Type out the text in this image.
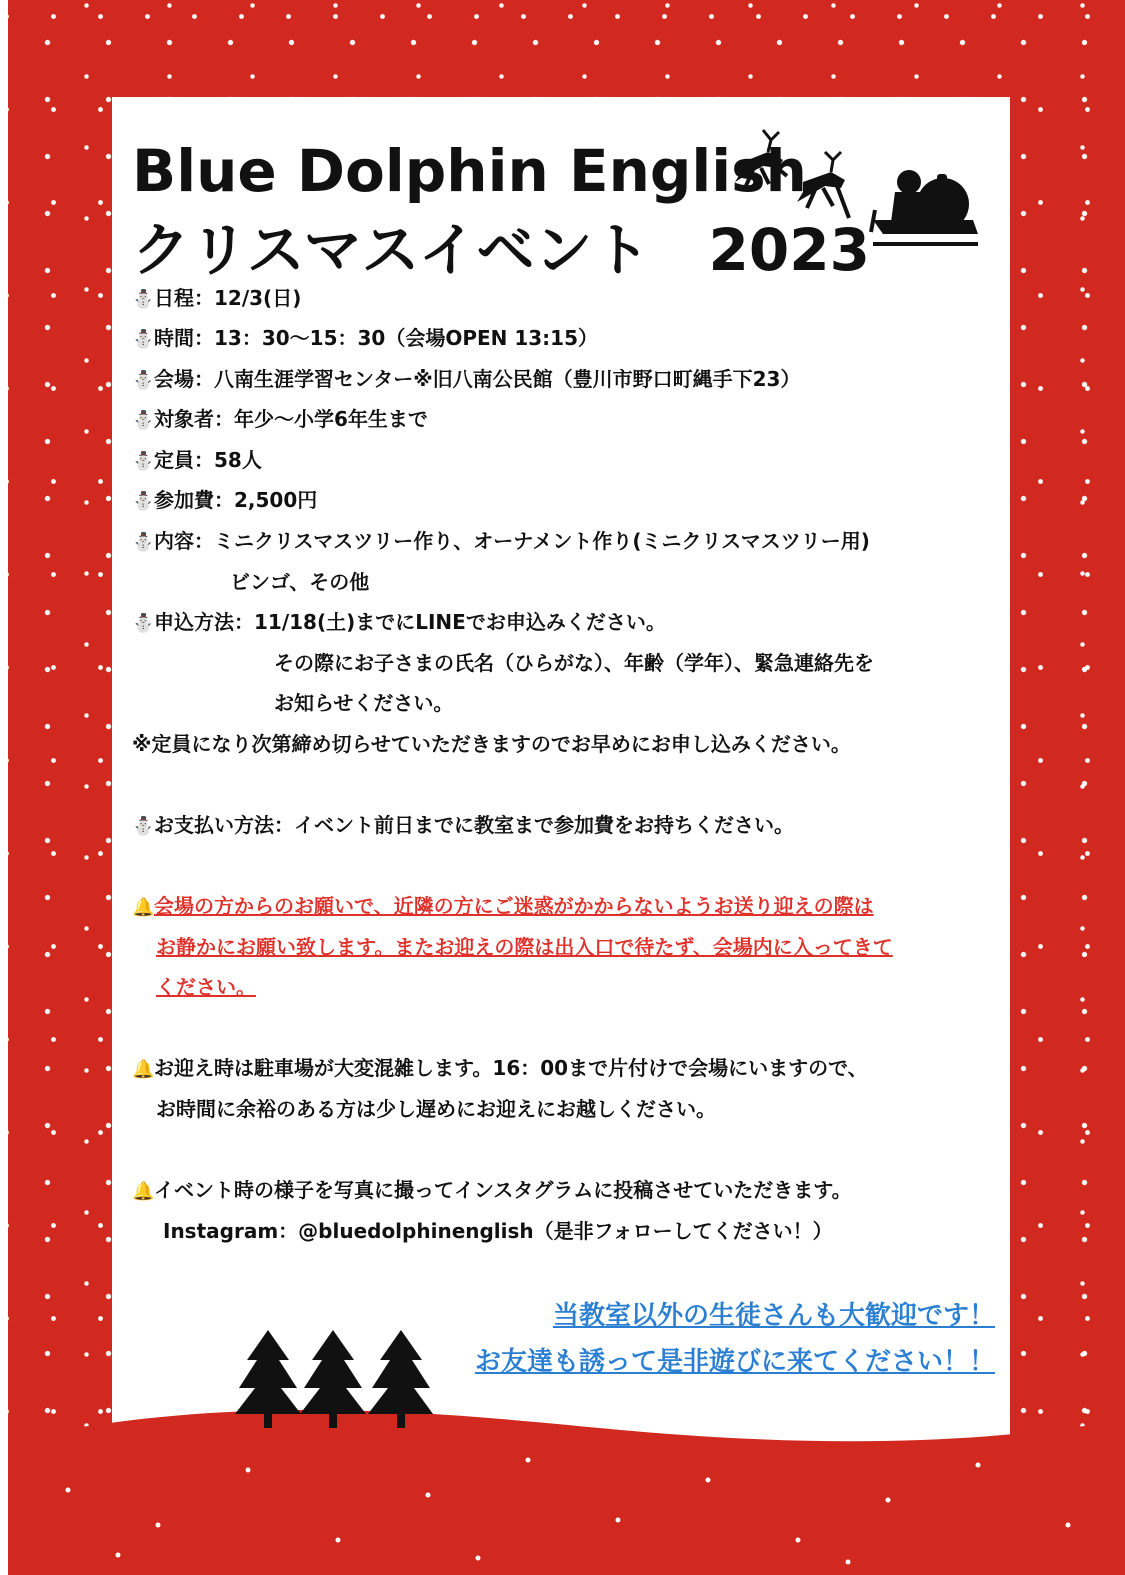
Blue Dolphin English
クリスマスイベント　2023
⛄日程：12/3(日)
⛄時間：13：30～15：30（会場OPEN 13:15）
⛄会場：八南生涯学習センター※旧八南公民館（豊川市野口町縄手下23）
⛄対象者：年少～小学6年生まで
⛄定員：58人
⛄参加費：2,500円
⛄内容：ミニクリスマスツリー作り、オーナメント作り(ミニクリスマスツリー用)
ビンゴ、その他
⛄申込方法：11/18(土)までにLINEでお申込みください。
その際にお子さまの氏名（ひらがな）、年齢（学年）、緊急連絡先を
お知らせください。
※定員になり次第締め切らせていただきますのでお早めにお申し込みください。
⛄お支払い方法：イベント前日までに教室まで参加費をお持ちください。
🔔会場の方からのお願いで、近隣の方にご迷惑がかからないようお送り迎えの際は
お静かにお願い致します。またお迎えの際は出入口で待たず、会場内に入ってきて
ください。
🔔お迎え時は駐車場が大変混雑します。16：00まで片付けで会場にいますので、
お時間に余裕のある方は少し遅めにお迎えにお越しください。
🔔イベント時の様子を写真に撮ってインスタグラムに投稿させていただきます。
Instagram：@bluedolphinenglish（是非フォローしてください！）
当教室以外の生徒さんも大歓迎です！
お友達も誘って是非遊びに来てください！！
